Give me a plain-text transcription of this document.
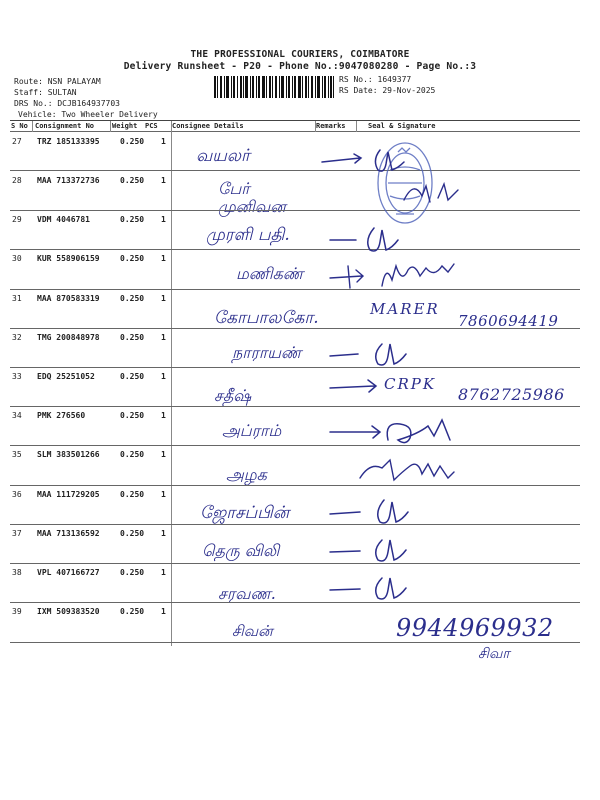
THE PROFESSIONAL COURIERS, COIMBATORE
Delivery Runsheet - P20 - Phone No.:9047080280 - Page No.:3
Route: NSN PALAYAM
Staff: SULTAN
DRS No.: DCJB164937703
Vehicle: Two Wheeler Delivery
RS No.: 1649377
RS Date: 29-Nov-2025
S No Consignment No	Weight PCS Consignee Details	Remarks	Seal & Signature
27 TRZ 185133395	0.250 1
வயலர்
28 MAA 713372736	0.250 1	பேர் முனிவன
29 VDM 4046781	0.250 1
முரளி பதி.
30 KUR 558906159	0.250 1
மணிகண்
31 MAA 870583319	0.250 1
கோபாலகோ.	MARER
7860694419
32 TMG 200848978	0.250 1
நாராயண்
33 EDQ 25251052	0.250 1
சதீஷ்
CRPK
8762725986
34 PMK 276560	0.250 1
அப்ராம்
35 SLM 383501266	0.250 1
அழக
36 MAA 111729205	0.250 1
ஜோசப்பின்
37 MAA 713136592	0.250 1
தெரு விலி
38 VPL 407166727	0.250 1
சரவண.
39 IXM 509383520	0.250 1
சிவன்	9944969932
சிவா
